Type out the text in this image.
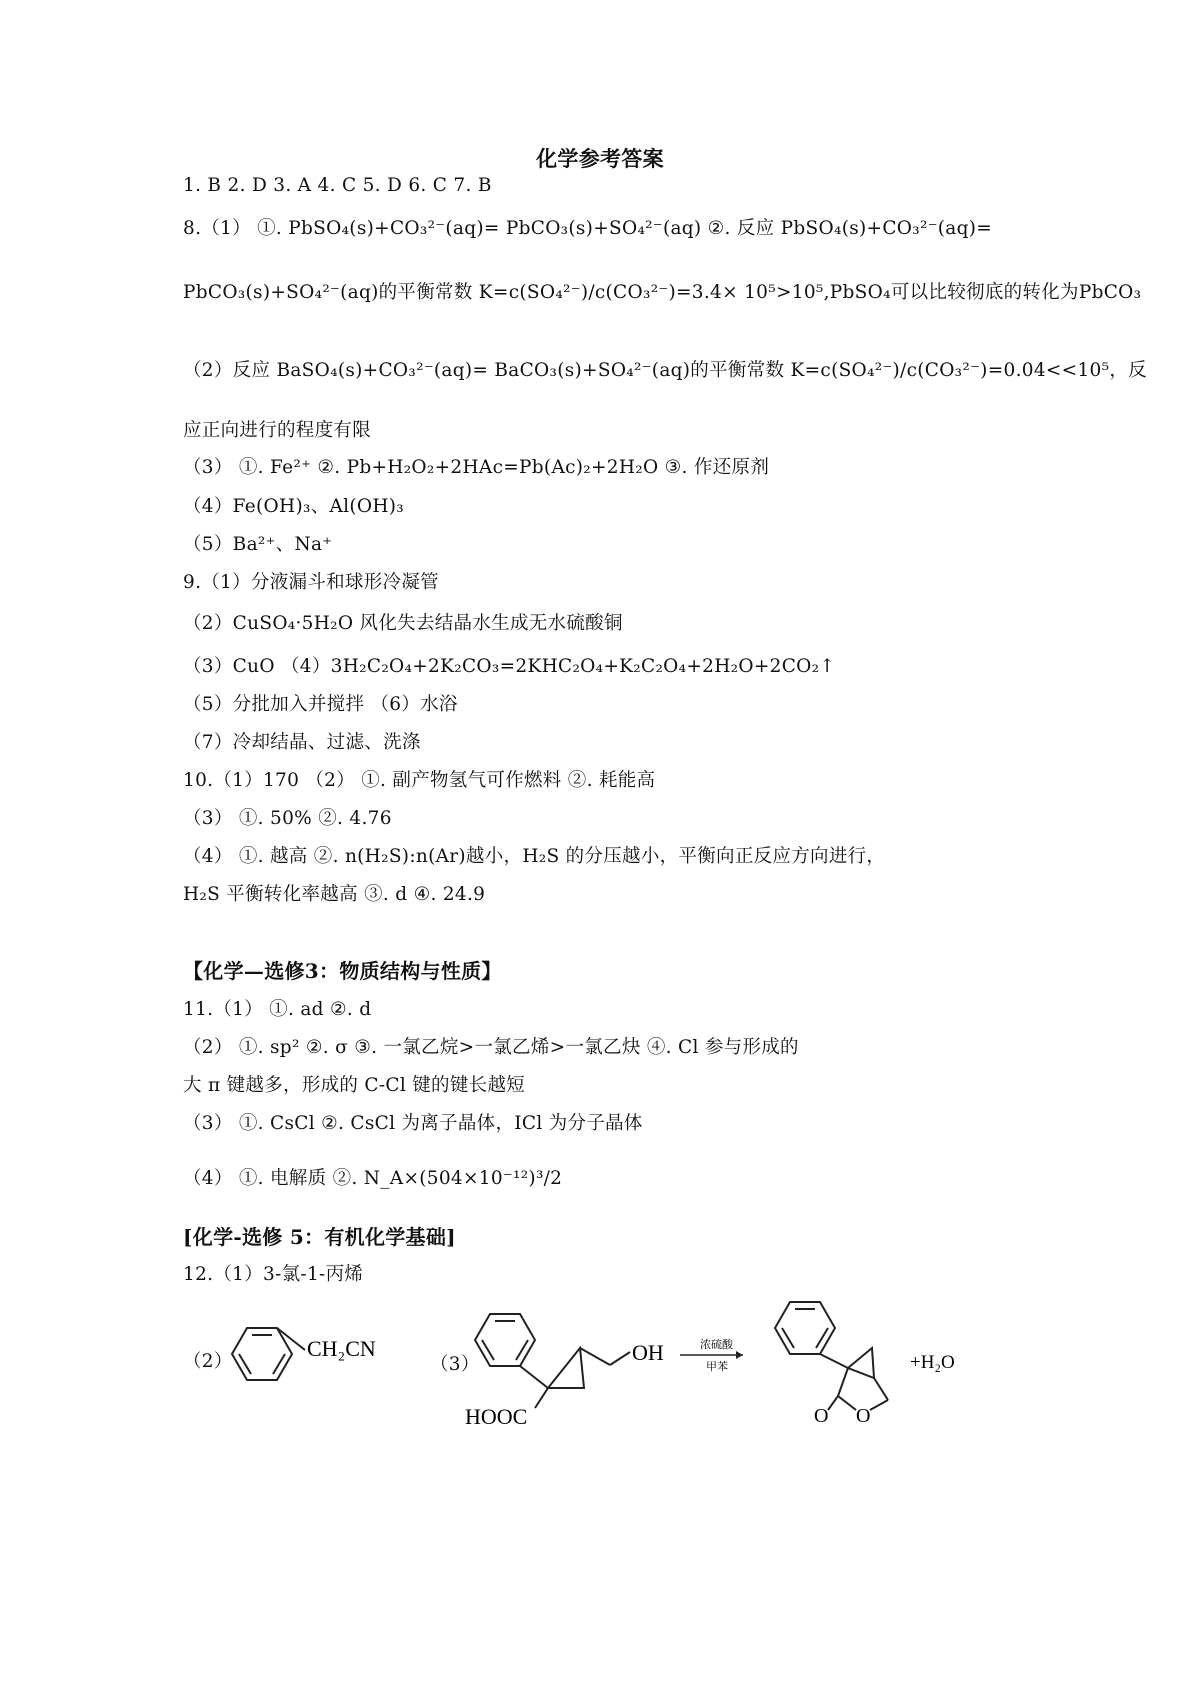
化学参考答案
1. B 2. D 3. A 4. C 5. D 6. C 7. B
8.（1） ①. PbSO₄(s)+CO₃²⁻(aq)= PbCO₃(s)+SO₄²⁻(aq) ②. 反应 PbSO₄(s)+CO₃²⁻(aq)=
PbCO₃(s)+SO₄²⁻(aq)的平衡常数 K=c(SO₄²⁻)/c(CO₃²⁻)=3.4× 10⁵>10⁵,PbSO₄可以比较彻底的转化为PbCO₃
（2）反应 BaSO₄(s)+CO₃²⁻(aq)= BaCO₃(s)+SO₄²⁻(aq)的平衡常数 K=c(SO₄²⁻)/c(CO₃²⁻)=0.04<<10⁵，反
应正向进行的程度有限
（3） ①. Fe²⁺ ②. Pb+H₂O₂+2HAc=Pb(Ac)₂+2H₂O ③. 作还原剂
（4）Fe(OH)₃、Al(OH)₃
（5）Ba²⁺、Na⁺
9.（1）分液漏斗和球形冷凝管
（2）CuSO₄·5H₂O 风化失去结晶水生成无水硫酸铜
（3）CuO （4）3H₂C₂O₄+2K₂CO₃=2KHC₂O₄+K₂C₂O₄+2H₂O+2CO₂↑
（5）分批加入并搅拌 （6）水浴
（7）冷却结晶、过滤、洗涤
10.（1）170 （2） ①. 副产物氢气可作燃料 ②. 耗能高
（3） ①. 50% ②. 4.76
（4） ①. 越高 ②. n(H₂S):n(Ar)越小，H₂S 的分压越小，平衡向正反应方向进行，
H₂S 平衡转化率越高 ③. d ④. 24.9
【化学—选修3：物质结构与性质】
11.（1） ①. ad ②. d
（2） ①. sp² ②. σ ③. 一氯乙烷>一氯乙烯>一氯乙炔 ④. Cl 参与形成的
大 π 键越多，形成的 C-Cl 键的键长越短
（3） ①. CsCl ②. CsCl 为离子晶体，ICl 为分子晶体
（4） ①. 电解质 ②. N_A×(504×10⁻¹²)³/2
[化学-选修 5：有机化学基础]
12.（1）3-氯-1-丙烯
（2）
CH₂CN
（3）	OH
HOOC
浓硫酸
甲苯
O O
+H₂O
